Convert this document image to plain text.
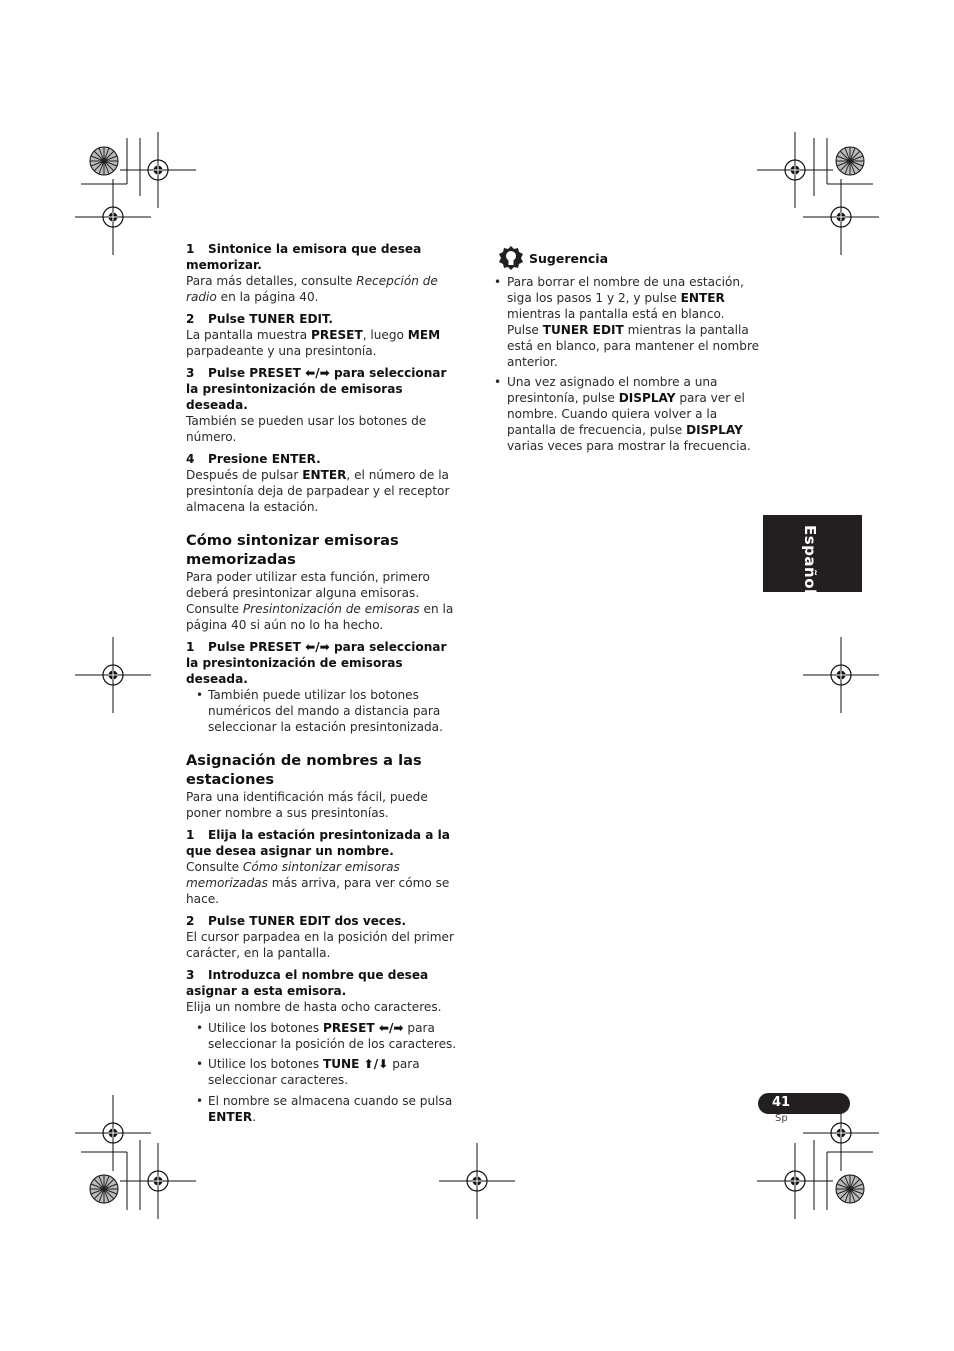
1 Sintonice la emisora que desea memorizar.

Para más detalles, consulte Recepción de radio en la página 40.

2 Pulse TUNER EDIT.

La pantalla muestra PRESET, luego MEM parpadeante y una presintonía.

3 Pulse PRESET ⬅/➡ para seleccionar la presintonización de emisoras deseada.

También se pueden usar los botones de número.

4 Presione ENTER.

Después de pulsar ENTER, el número de la presintonía deja de parpadear y el receptor almacena la estación.

Cómo sintonizar emisoras memorizadas

Para poder utilizar esta función, primero deberá presintonizar alguna emisoras. Consulte Presintonización de emisoras en la página 40 si aún no lo ha hecho.

1 Pulse PRESET ⬅/➡ para seleccionar la presintonización de emisoras deseada.

• También puede utilizar los botones numéricos del mando a distancia para seleccionar la estación presintonizada.

Asignación de nombres a las estaciones

Para una identificación más fácil, puede poner nombre a sus presintonías.

1 Elija la estación presintonizada a la que desea asignar un nombre.

Consulte Cómo sintonizar emisoras memorizadas más arriva, para ver cómo se hace.

2 Pulse TUNER EDIT dos veces.

El cursor parpadea en la posición del primer carácter, en la pantalla.

3 Introduzca el nombre que desea asignar a esta emisora.

Elija un nombre de hasta ocho caracteres.

• Utilice los botones PRESET ⬅/➡ para seleccionar la posición de los caracteres.

• Utilice los botones TUNE ⬆/⬇ para seleccionar caracteres.

• El nombre se almacena cuando se pulsa ENTER.

Sugerencia

• Para borrar el nombre de una estación, siga los pasos 1 y 2, y pulse ENTER mientras la pantalla está en blanco. Pulse TUNER EDIT mientras la pantalla está en blanco, para mantener el nombre anterior.

• Una vez asignado el nombre a una presintonía, pulse DISPLAY para ver el nombre. Cuando quiera volver a la pantalla de frecuencia, pulse DISPLAY varias veces para mostrar la frecuencia.

Español
41
Sp
